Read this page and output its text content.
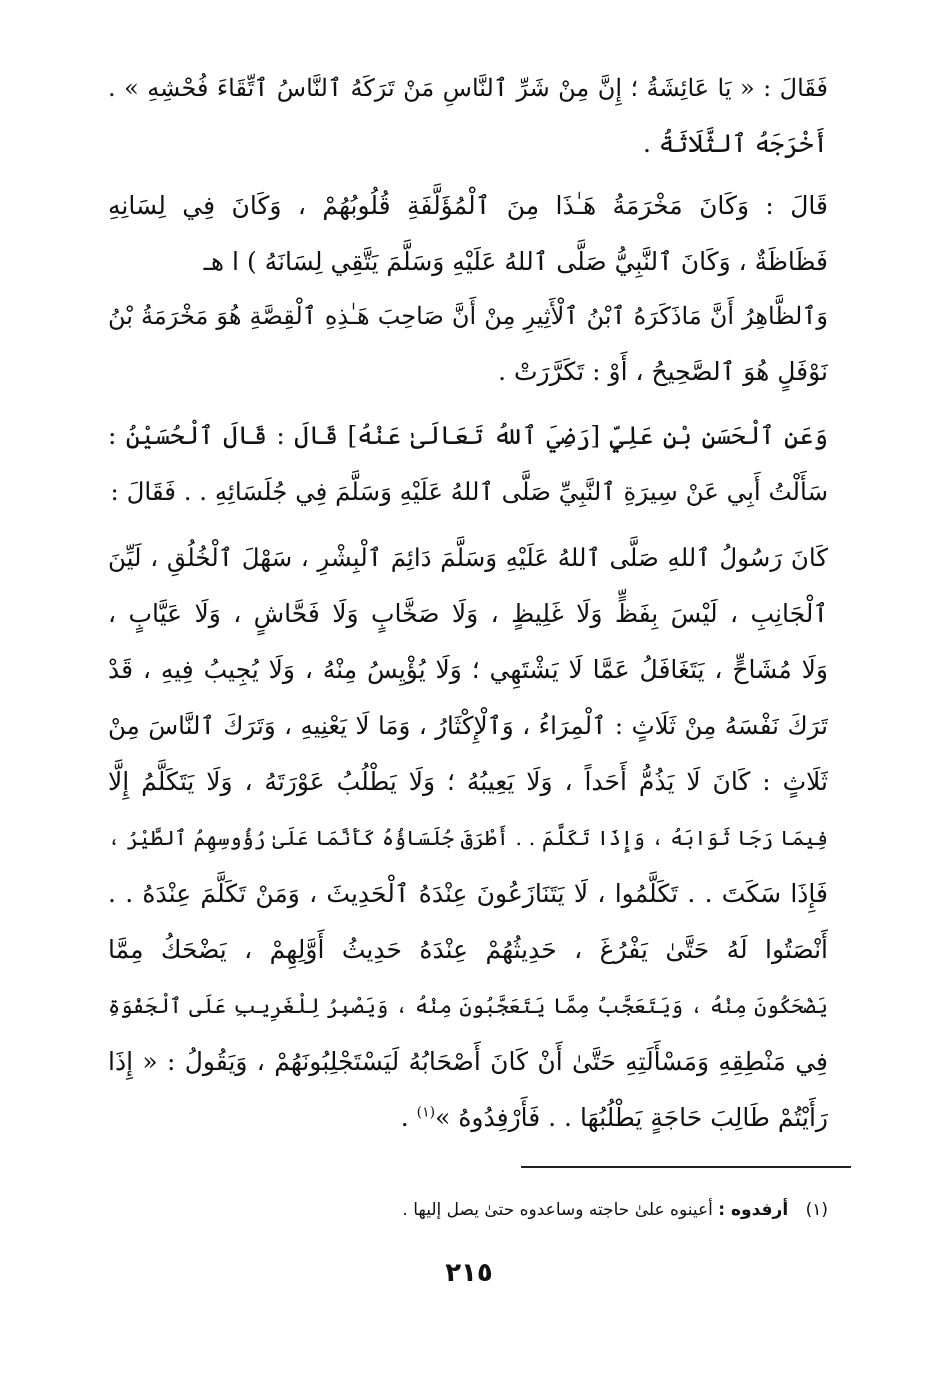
فَقَالَ : « يَا عَائِشَةُ ؛ إِنَّ مِنْ شَرِّ ٱلنَّاسِ مَنْ تَرَكَهُ ٱلنَّاسُ ٱتِّقَاءَ فُحْشِهِ » .
أَخْرَجَهُ ٱلثَّلَاثَةُ .
قَالَ : وَكَانَ مَخْرَمَةُ هَـٰذَا مِنَ ٱلْمُؤَلَّفَةِ قُلُوبُهُمْ ، وَكَانَ فِي لِسَانِهِ
فَظَاظَةٌ ، وَكَانَ ٱلنَّبِيُّ صَلَّى ٱللهُ عَلَيْهِ وَسَلَّمَ يَتَّقِي لِسَانَهُ ) ا هـ
وَٱلظَّاهِرُ أَنَّ مَاذَكَرَهُ ٱبْنُ ٱلْأَثِيرِ مِنْ أَنَّ صَاحِبَ هَـٰذِهِ ٱلْقِصَّةِ هُوَ مَخْرَمَةُ بْنُ
نَوْفَلٍ هُوَ ٱلصَّحِيحُ ، أَوْ : تَكَرَّرَتْ .
وَعَنِ ٱلْحَسَنِ بْنِ عَلِيٍّ [رَضِيَ ٱللهُ تَعَالَىٰ عَنْهُ] قَالَ : قَالَ ٱلْحُسَيْنُ :
سَأَلْتُ أَبِي عَنْ سِيرَةِ ٱلنَّبِيِّ صَلَّى ٱللهُ عَلَيْهِ وَسَلَّمَ فِي جُلَسَائِهِ . . فَقَالَ :
كَانَ رَسُولُ ٱللهِ صَلَّى ٱللهُ عَلَيْهِ وَسَلَّمَ دَائِمَ ٱلْبِشْرِ ، سَهْلَ ٱلْخُلُقِ ، لَيِّنَ
ٱلْجَانِبِ ، لَيْسَ بِفَظٍّ وَلَا غَلِيظٍ ، وَلَا صَخَّابٍ وَلَا فَحَّاشٍ ، وَلَا عَيَّابٍ ،
وَلَا مُشَاحٍّ ، يَتَغَافَلُ عَمَّا لَا يَشْتَهِي ؛ وَلَا يُؤْيِسُ مِنْهُ ، وَلَا يُجِيبُ فِيهِ ، قَدْ
تَرَكَ نَفْسَهُ مِنْ ثَلَاثٍ : ٱلْمِرَاءُ ، وَٱلْإِكْثَارُ ، وَمَا لَا يَعْنِيهِ ، وَتَرَكَ ٱلنَّاسَ مِنْ
ثَلَاثٍ : كَانَ لَا يَذُمُّ أَحَداً ، وَلَا يَعِيبُهُ ؛ وَلَا يَطْلُبُ عَوْرَتَهُ ، وَلَا يَتَكَلَّمُ إِلَّا
فِيمَا رَجَا ثَوَابَهُ ، وَإِذَا تَكَلَّمَ . . أَطْرَقَ جُلَسَاؤُهُ كَأَنَّمَا عَلَىٰ رُؤُوسِهِمُ ٱلطَّيْرُ ،
فَإِذَا سَكَتَ . . تَكَلَّمُوا ، لَا يَتَنَازَعُونَ عِنْدَهُ ٱلْحَدِيثَ ، وَمَنْ تَكَلَّمَ عِنْدَهُ . .
أَنْصَتُوا لَهُ حَتَّىٰ يَفْرُغَ ، حَدِيثُهُمْ عِنْدَهُ حَدِيثُ أَوَّلِهِمْ ، يَضْحَكُ مِمَّا
يَضْحَكُونَ مِنْهُ ، وَيَتَعَجَّبُ مِمَّا يَتَعَجَّبُونَ مِنْهُ ، وَيَصْبِرُ لِلْغَرِيبِ عَلَى ٱلْجَفْوَةِ
فِي مَنْطِقِهِ وَمَسْأَلَتِهِ حَتَّىٰ أَنْ كَانَ أَصْحَابُهُ لَيَسْتَجْلِبُونَهُمْ ، وَيَقُولُ : « إِذَا
رَأَيْتُمْ طَالِبَ حَاجَةٍ يَطْلُبُهَا . . فَأَرْفِدُوهُ »$^{(١)}$ .
(١) أرفدوه : أعينوه علىٰ حاجته وساعدوه حتىٰ يصل إليها .
٢١٥
